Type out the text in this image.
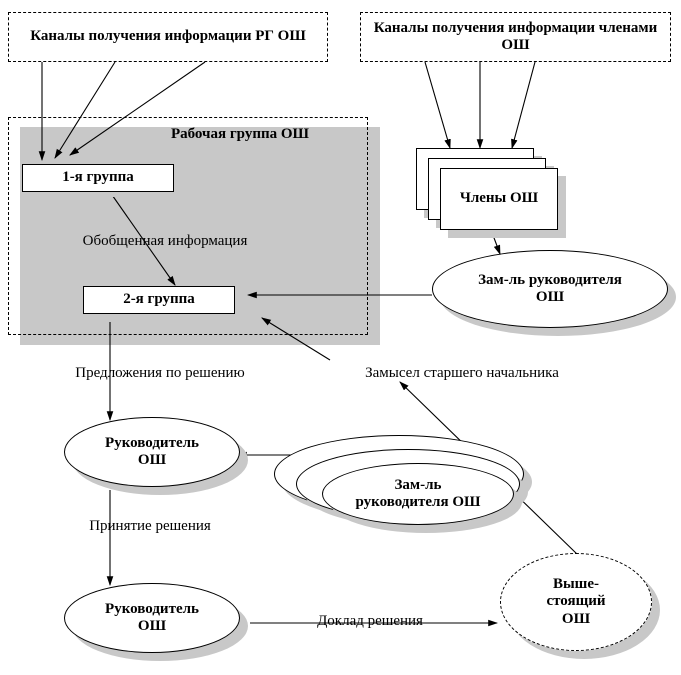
Каналы получения информации РГ ОШ
Каналы получения информации членами ОШ
Рабочая группа ОШ
1-я группа
Обобщенная информация
2-я группа
Члены ОШ
Зам-ль руководителя ОШ
Предложения по решению	Замысел старшего начальника
Руководитель ОШ
Зам-ль руководителя ОШ
Принятие решения
Руководитель ОШ	Доклад решения
Выше-стоящий ОШ
